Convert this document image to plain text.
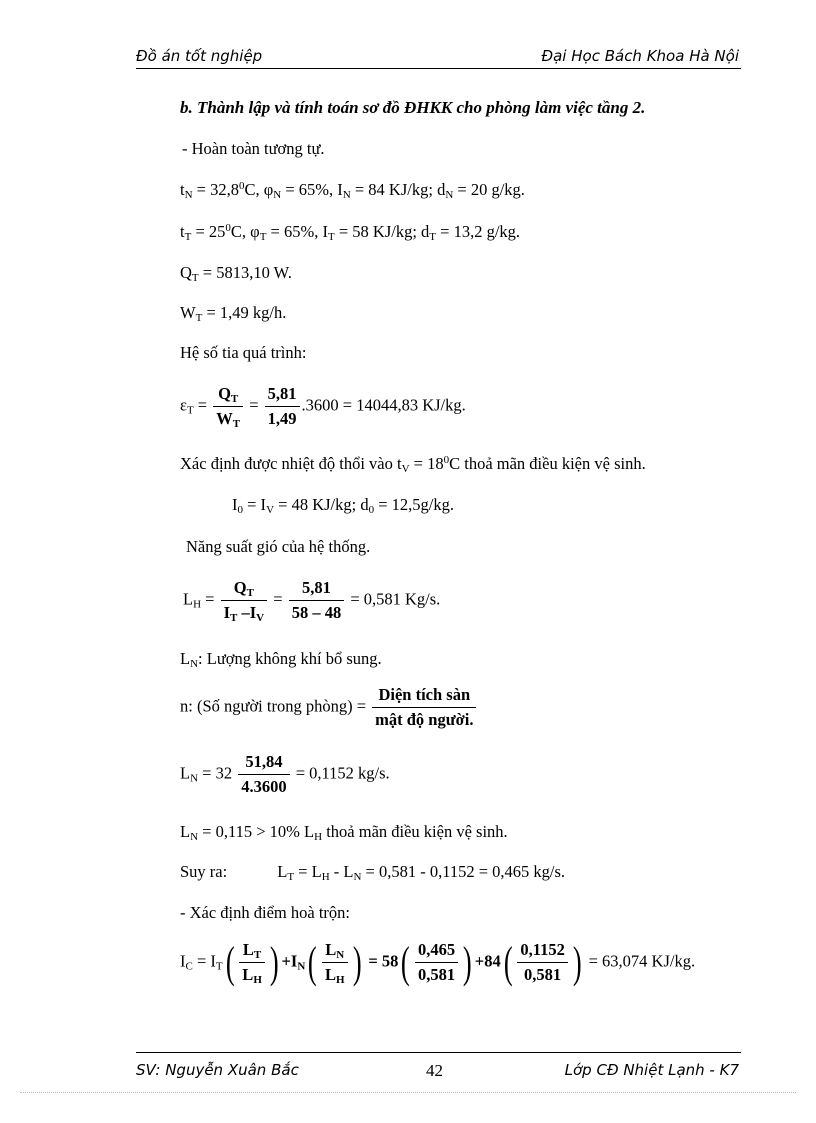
Đồ án tốt nghiệp	Đại Học Bách Khoa Hà Nội
b. Thành lập và tính toán sơ đồ ĐHKK cho phòng làm việc tầng 2.
- Hoàn toàn tương tự.
$t_N = 32,8^0C$, $\varphi_N = 65\%$, $I_N = 84$ KJ/kg; $d_N = 20$ g/kg.
$t_T = 25^0C$, $\varphi_T = 65\%$, $I_T = 58$ KJ/kg; $d_T = 13,2$ g/kg.
$Q_T = 5813,10$ W.
$W_T = 1,49$ kg/h.
Hệ số tia quá trình:
$\varepsilon_T = \frac{Q_T}{W_T} = \frac{5,81}{1,49} .3600 = 14044,83$ KJ/kg.
Xác định được nhiệt độ thổi vào $t_V = 18^0C$ thoả mãn điều kiện vệ sinh.
$I_0 = I_V = 48$ KJ/kg; $d_0 = 12,5g/kg$.
Năng suất gió của hệ thống.
$L_H = \frac{Q_T}{I_T -I_V} = \frac{5,81}{58 - 48} = 0,581$ Kg/s.
$L_N$: Lượng không khí bổ sung.
n: (Số người trong phòng) = $\frac{\text{Diện tích sàn}}{\text{mật độ người.}}$
$L_N = 32 \frac{51,84}{4.3600} = 0,1152$ kg/s.
$L_N = 0,115 > 10\%$ $L_H$ thoả mãn điều kiện vệ sinh.
Suy ra:	$L_T = L_H - L_N = 0,581 - 0,1152 = 0,465$ kg/s.
- Xác định điểm hoà trộn:
$I_C = I_T( \frac{L_T}{L_H}$ ) $+I_N( \frac{L_N}{L_H}$ ) = $58( \frac{0,465}{0,581}$ ) $+84( \frac{0,1152}{0,581}$ ) = 63,074 KJ/kg.
SV: Nguyễn Xuân Bắc	42	Lớp CĐ Nhiệt Lạnh - K7
